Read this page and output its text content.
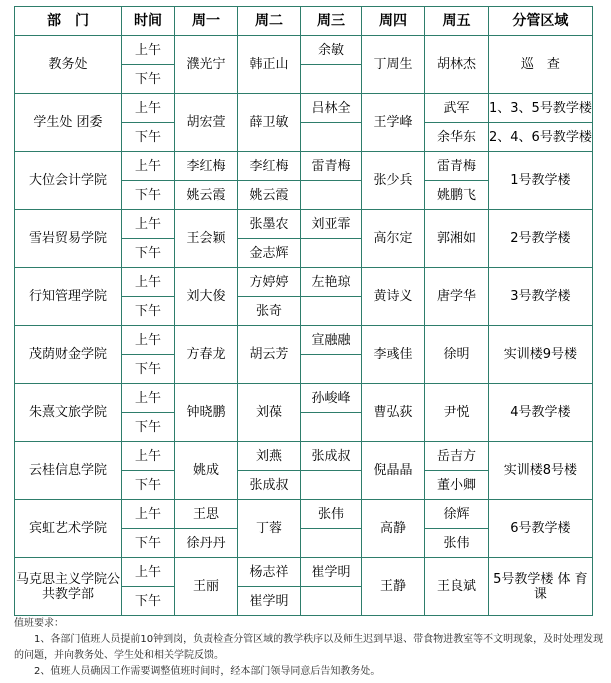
部　门	时间	周一	周二	周三	周四	周五	分管区域
教务处	上午	濮光宁	韩正山	余敏	丁周生	胡林杰	巡　查
	下午						
学生处 团委	上午	胡宏萱	薛卫敏	吕林全	王学峰	武军	1、3、5号教学楼
	下午					余华东	2、4、6号教学楼
大位会计学院	上午	李红梅	李红梅	雷青梅	张少兵	雷青梅	1号教学楼
	下午	姚云霞	姚云霞			姚鹏飞	
雪岩贸易学院	上午	王会颖	张墨农	刘亚霏	高尔定	郭湘如	2号教学楼
	下午		金志辉				
行知管理学院	上午	刘大俊	方婷婷	左艳琼	黄诗义	唐学华	3号教学楼
	下午		张奇				
茂荫财金学院	上午	方春龙	胡云芳	宣融融	李彧佳	徐明	实训楼9号楼
	下午						
朱熹文旅学院	上午	钟晓鹏	刘葆	孙峻峰	曹弘荻	尹悦	4号教学楼
	下午						
云桂信息学院	上午	姚成	刘燕	张成叔	倪晶晶	岳吉方	实训楼8号楼
	下午		张成叔			董小卿	
宾虹艺术学院	上午	王思	丁蓉	张伟	高静	徐辉	6号教学楼
	下午	徐丹丹				张伟	
马克思主义学院公共教学部	上午	王丽	杨志祥	崔学明	王静	王良斌	5号教学楼 体 育 课
	下午		崔学明				

值班要求：

1、各部门值班人员提前10钟到岗，负责检查分管区域的教学秩序以及师生迟到早退、带食物进教室等不文明现象，及时处理发现的问题，并向教务处、学生处和相关学院反馈。

2、值班人员确因工作需要调整值班时间时，经本部门领导同意后告知教务处。
